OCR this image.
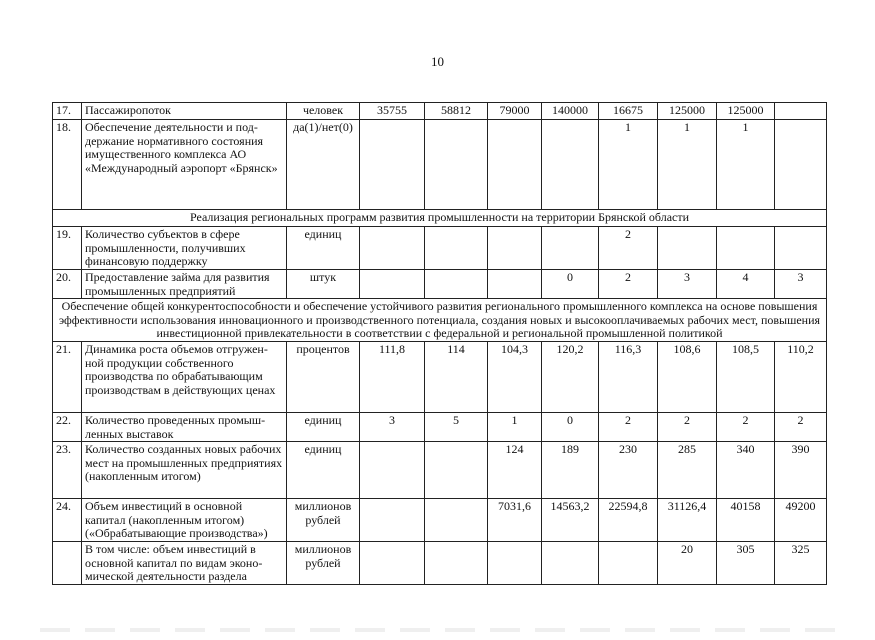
10
17.	Пассажиропоток	человек	35755	58812	79000	140000	16675	125000	125000	
18.	Обеспечение деятельности и под-держание нормативного состояния имущественного комплекса АО «Международный аэропорт «Брянск»	да(1)/нет(0)					1	1	1	
Реализация региональных программ развития промышленности на территории Брянской области										
19.	Количество субъектов в сфере промышленности, получивших финансовую поддержку	единиц					2			
20.	Предоставление займа для развития промышленных предприятий	штук				0	2	3	4	3
Обеспечение общей конкурентоспособности и обеспечение устойчивого развития регионального промышленного комплекса на основе повышения эффективности использования инновационного и производственного потенциала, создания новых и высокооплачиваемых рабочих мест, повышения инвестиционной привлекательности в соответствии с федеральной и региональной промышленной политикой										
21.	Динамика роста объемов отгружен-ной продукции собственного производства по обрабатывающим производствам в действующих ценах	процентов	111,8	114	104,3	120,2	116,3	108,6	108,5	110,2
22.	Количество проведенных промыш-ленных выставок	единиц	3	5	1	0	2	2	2	2
23.	Количество созданных новых рабочих мест на промышленных предприятиях (накопленным итогом)	единиц			124	189	230	285	340	390
24.	Объем инвестиций в основной капитал (накопленным итогом) («Обрабатывающие производства»)	миллионов рублей			7031,6	14563,2	22594,8	31126,4	40158	49200
	В том числе: объем инвестиций в основной капитал по видам эконо-мической деятельности раздела	миллионов рублей						20	305	325
